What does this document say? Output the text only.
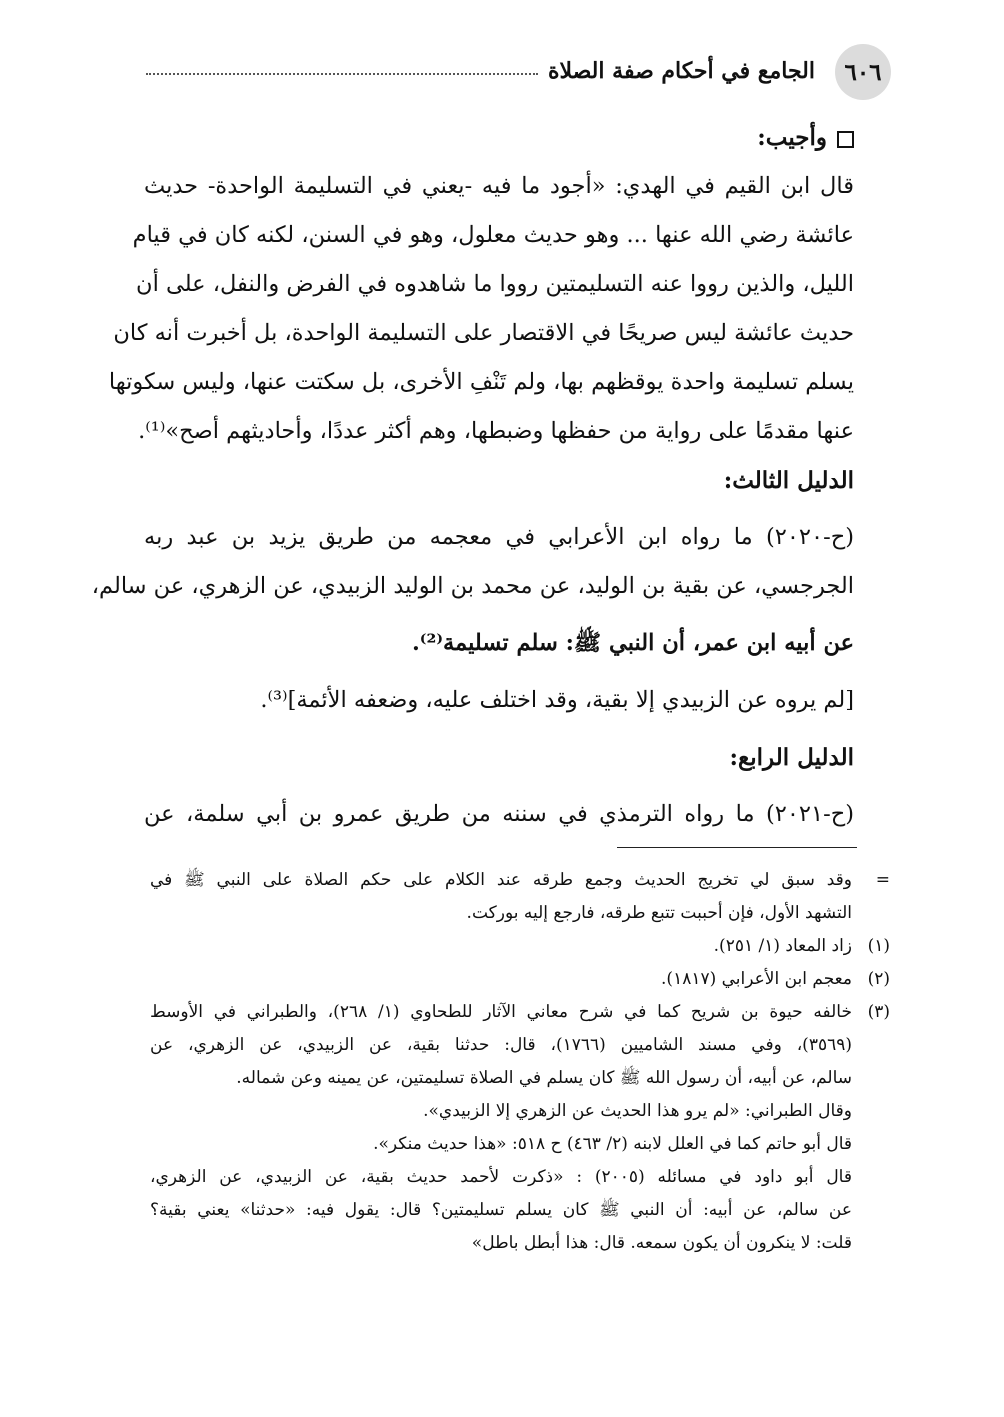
٦٠٦
الجامع في أحكام صفة الصلاة
وأجيب:
قال ابن القيم في الهدي: «أجود ما فيه -يعني في التسليمة الواحدة- حديث
عائشة رضي الله عنها ... وهو حديث معلول، وهو في السنن، لكنه كان في قيام
الليل، والذين رووا عنه التسليمتين رووا ما شاهدوه في الفرض والنفل، على أن
حديث عائشة ليس صريحًا في الاقتصار على التسليمة الواحدة، بل أخبرت أنه كان
يسلم تسليمة واحدة يوقظهم بها، ولم تَنْفِ الأخرى، بل سكتت عنها، وليس سكوتها
عنها مقدمًا على رواية من حفظها وضبطها، وهم أكثر عددًا، وأحاديثهم أصح»⁽¹⁾.
الدليل الثالث:
(ح-٢٠٢٠) ما رواه ابن الأعرابي في معجمه من طريق يزيد بن عبد ربه
الجرجسي، عن بقية بن الوليد، عن محمد بن الوليد الزبيدي، عن الزهري، عن سالم،
عن أبيه ابن عمر، أن النبي ﷺ: سلم تسليمة⁽²⁾.
[لم يروه عن الزبيدي إلا بقية، وقد اختلف عليه، وضعفه الأئمة]⁽³⁾.
الدليل الرابع:
(ح-٢٠٢١) ما رواه الترمذي في سننه من طريق عمرو بن أبي سلمة، عن
=
وقد سبق لي تخريج الحديث وجمع طرقه عند الكلام على حكم الصلاة على النبي ﷺ في
التشهد الأول، فإن أحببت تتبع طرقه، فارجع إليه بوركت.
(١)
زاد المعاد (١/ ٢٥١).
(٢)
معجم ابن الأعرابي (١٨١٧).
(٣)
خالفه حيوة بن شريح كما في شرح معاني الآثار للطحاوي (١/ ٢٦٨)، والطبراني في الأوسط
(٣٥٦٩)، وفي مسند الشاميين (١٧٦٦)، قال: حدثنا بقية، عن الزبيدي، عن الزهري، عن
سالم، عن أبيه، أن رسول الله ﷺ كان يسلم في الصلاة تسليمتين، عن يمينه وعن شماله.
وقال الطبراني: «لم يرو هذا الحديث عن الزهري إلا الزبيدي».
قال أبو حاتم كما في العلل لابنه (٢/ ٤٦٣) ح ٥١٨: «هذا حديث منكر».
قال أبو داود في مسائله (٢٠٠٥) : «ذكرت لأحمد حديث بقية، عن الزبيدي، عن الزهري،
عن سالم، عن أبيه: أن النبي ﷺ كان يسلم تسليمتين؟ قال: يقول فيه: «حدثنا» يعني بقية؟
قلت: لا ينكرون أن يكون سمعه. قال: هذا أبطل باطل»
